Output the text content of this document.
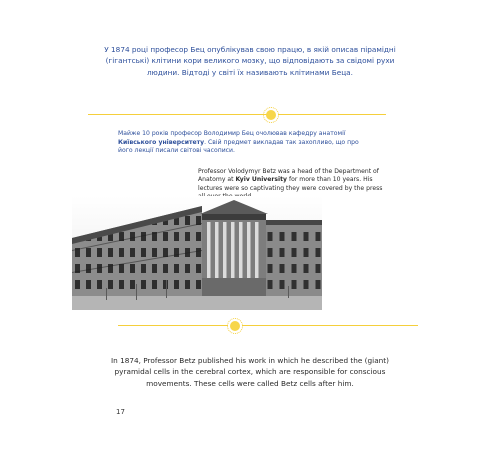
У 1874 році професор Бец опублікував свою працю, в якій описав пірамідні (гігантські) клітини кори великого мозку, що відповідають за свідомі рухи людини. Відтоді у світі їх називають клітинами Беца.

Майже 10 років професор Володимир Бец очолював кафедру анатомії Київського університету. Свій предмет викладав так захопливо, що про його лекції писали світові часописи.

Professor Volodymyr Betz was a head of the Department of Anatomy at Kyiv University for more than 10 years. His lectures were so captivating they were covered by the press

In 1874, Professor Betz published his work in which he described the (giant) pyramidal cells in the cerebral cortex, which are responsible for conscious movements. These cells were called Betz cells after him.

17
